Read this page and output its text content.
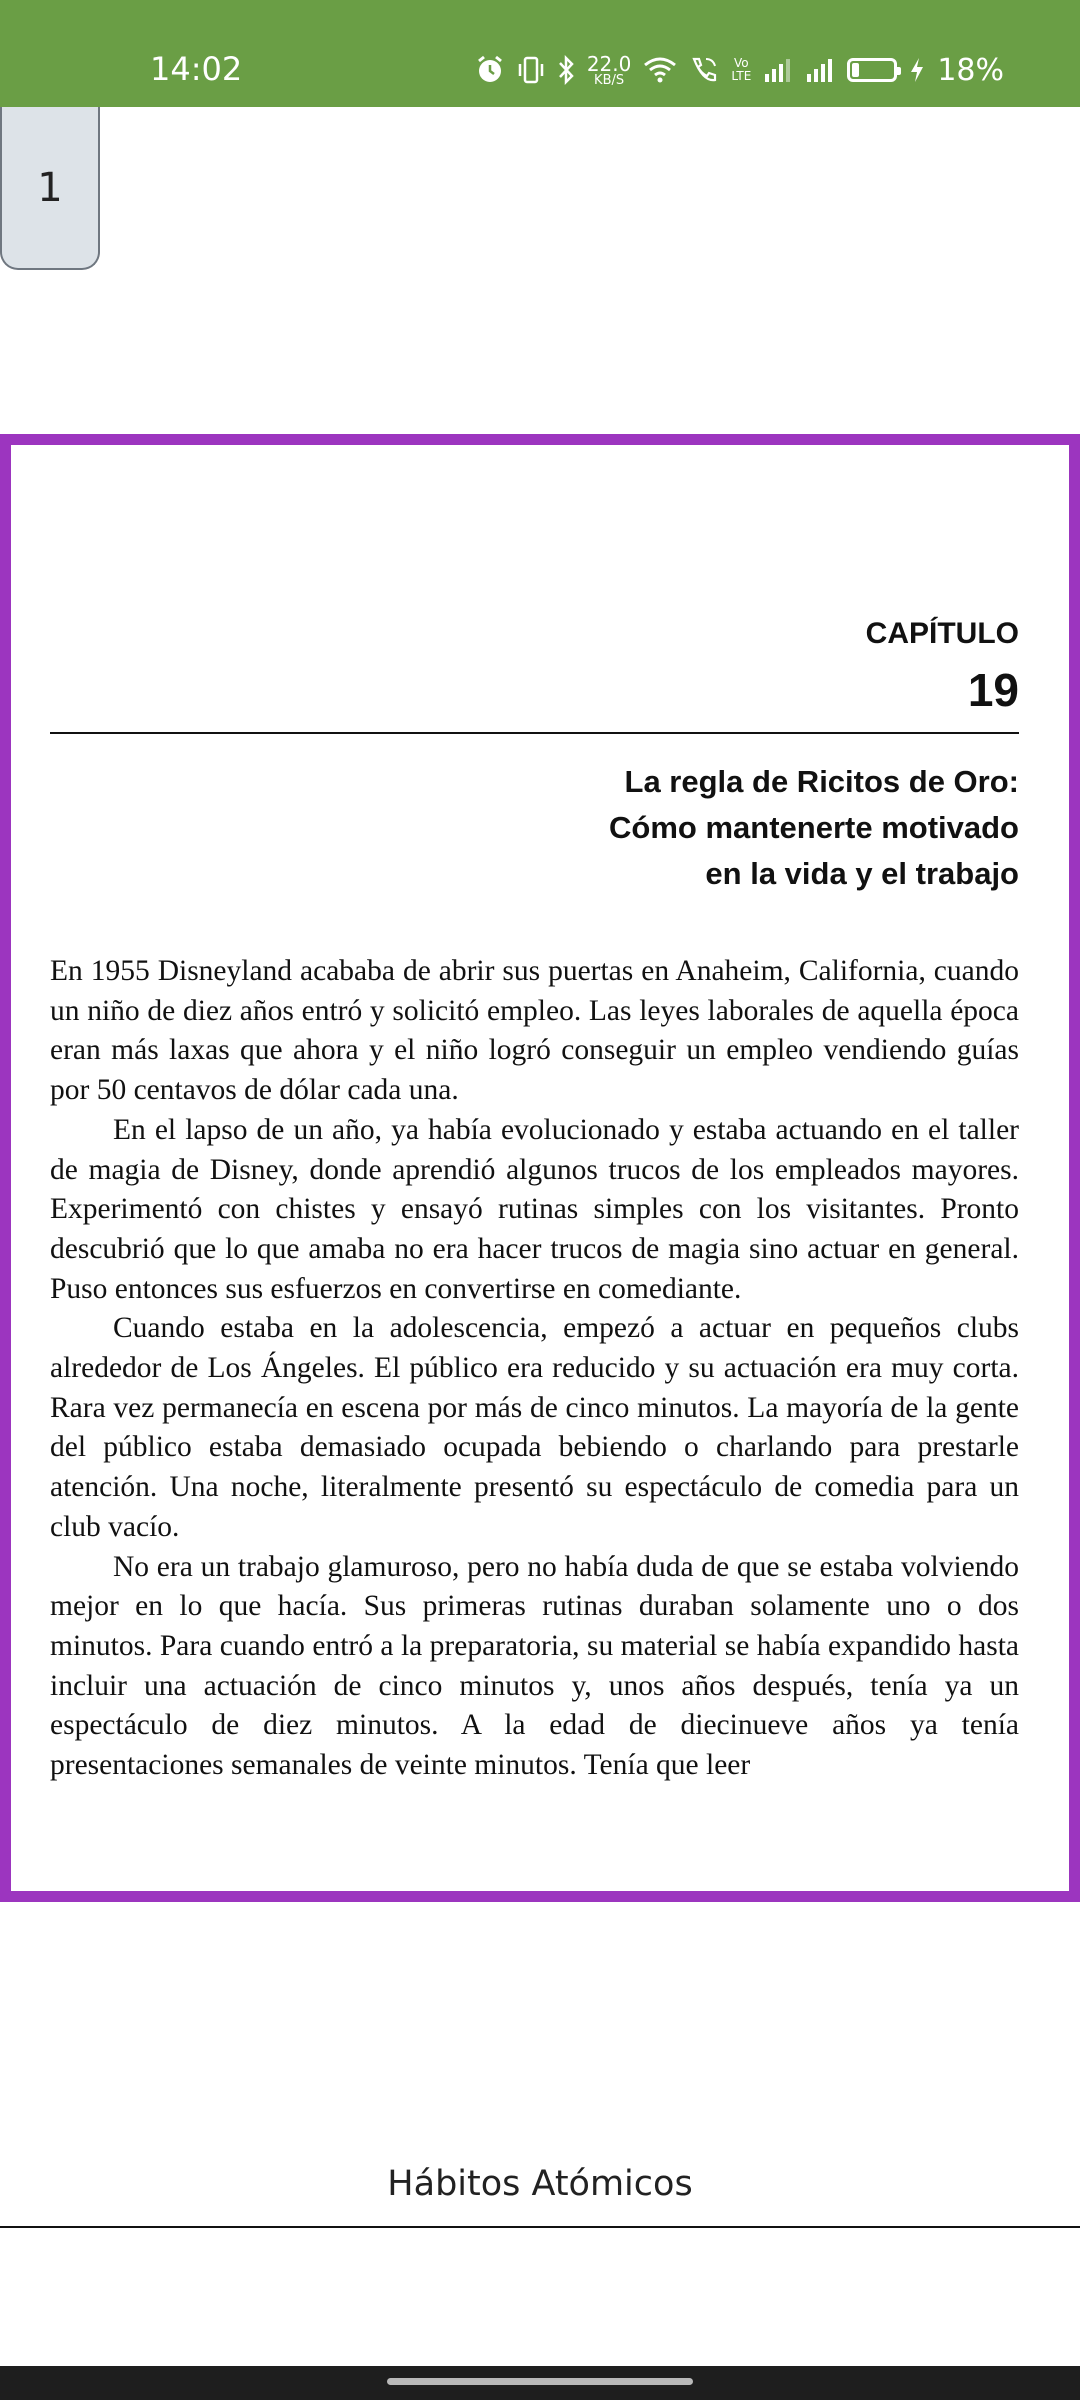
14:02	22.0
KB/S
Vo
LTE	18%
1
CAPÍTULO
19
La regla de Ricitos de Oro:
Cómo mantenerte motivado
en la vida y el trabajo

En 1955 Disneyland acababa de abrir sus puertas en Anaheim, California, cuando un niño de diez años entró y solicitó empleo. Las leyes laborales de aquella época eran más laxas que ahora y el niño logró conseguir un empleo vendiendo guías por 50 centavos de dólar cada una.

En el lapso de un año, ya había evolucionado y estaba actuando en el taller de magia de Disney, donde aprendió algunos trucos de los empleados mayores. Experimentó con chistes y ensayó rutinas simples con los visitantes. Pronto descubrió que lo que amaba no era hacer trucos de magia sino actuar en general. Puso entonces sus esfuerzos en convertirse en comediante.

Cuando estaba en la adolescencia, empezó a actuar en pequeños clubs alrededor de Los Ángeles. El público era reducido y su actuación era muy corta. Rara vez permanecía en escena por más de cinco minutos. La mayoría de la gente del público estaba demasiado ocupada bebiendo o charlando para prestarle atención. Una noche, literalmente presentó su espectáculo de comedia para un club vacío.

No era un trabajo glamuroso, pero no había duda de que se estaba volviendo mejor en lo que hacía. Sus primeras rutinas duraban solamente uno o dos minutos. Para cuando entró a la preparatoria, su material se había expandido hasta incluir una actuación de cinco minutos y, unos años después, tenía ya un espectáculo de diez minutos. A la edad de diecinueve años ya tenía presentaciones semanales de veinte minutos. Tenía que leer

Hábitos Atómicos
